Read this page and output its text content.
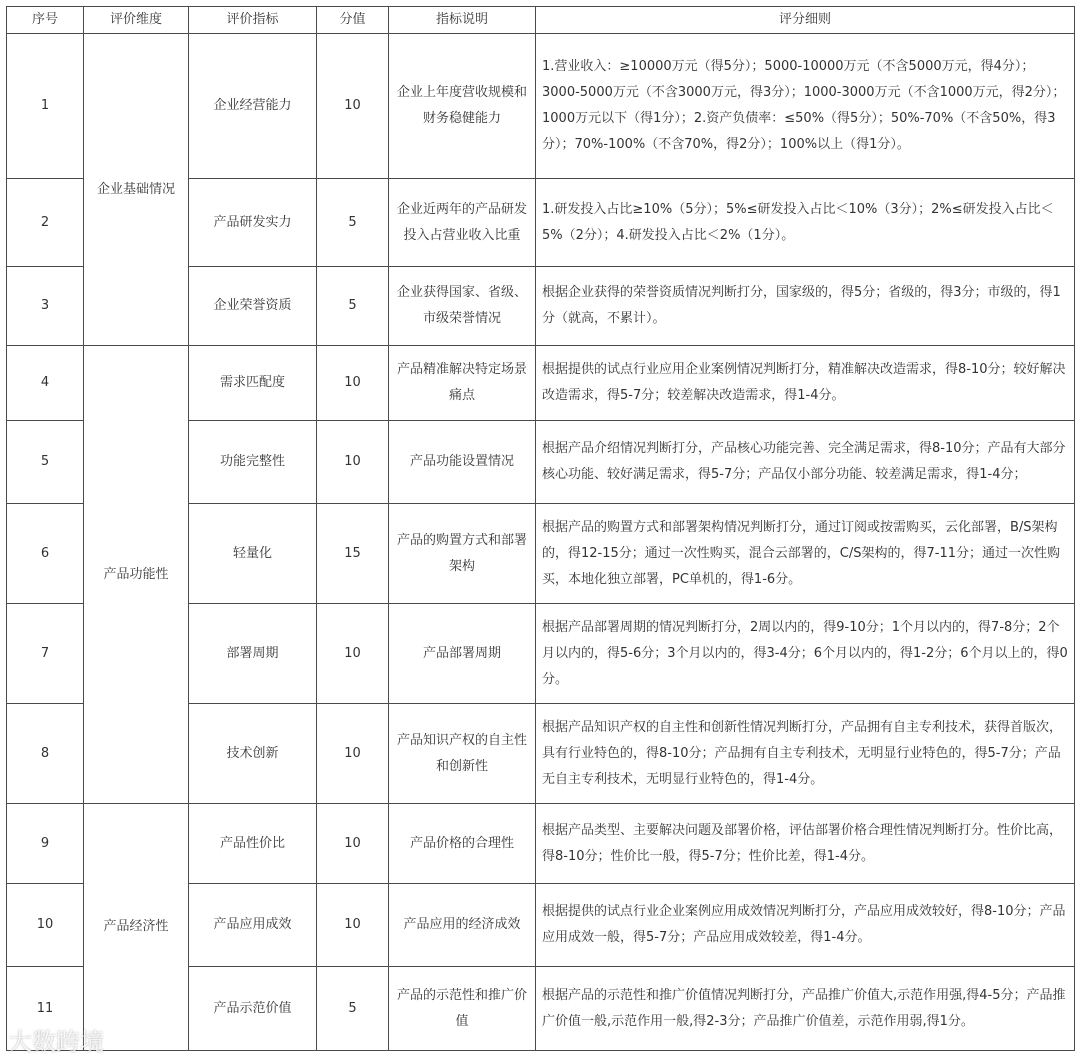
序号	评价维度	评价指标	分值	指标说明	评分细则
1	企业基础情况	企业经营能力	10	企业上年度营收规模和财务稳健能力	1.营业收入：≥10000万元（得5分）；5000-10000万元（不含5000万元，得4分）；3000-5000万元（不含3000万元，得3分）；1000-3000万元（不含1000万元，得2分）；1000万元以下（得1分）；2.资产负债率：≤50%（得5分）；50%-70%（不含50%，得3分）；70%-100%（不含70%，得2分）；100%以上（得1分）。
2		产品研发实力	5	企业近两年的产品研发投入占营业收入比重	1.研发投入占比≥10%（5分）；5%≤研发投入占比＜10%（3分）；2%≤研发投入占比＜5%（2分）；4.研发投入占比＜2%（1分）。
3		企业荣誉资质	5	企业获得国家、省级、市级荣誉情况	根据企业获得的荣誉资质情况判断打分，国家级的，得5分；省级的，得3分；市级的，得1分（就高，不累计）。
4	产品功能性	需求匹配度	10	产品精准解决特定场景痛点	根据提供的试点行业应用企业案例情况判断打分，精准解决改造需求，得8-10分；较好解决改造需求，得5-7分；较差解决改造需求，得1-4分。
5		功能完整性	10	产品功能设置情况	根据产品介绍情况判断打分，产品核心功能完善、完全满足需求，得8-10分；产品有大部分核心功能、较好满足需求，得5-7分；产品仅小部分功能、较差满足需求，得1-4分；
6		轻量化	15	产品的购置方式和部署架构	根据产品的购置方式和部署架构情况判断打分，通过订阅或按需购买，云化部署，B/S架构的，得12-15分；通过一次性购买，混合云部署的，C/S架构的，得7-11分；通过一次性购买，本地化独立部署，PC单机的，得1-6分。
7		部署周期	10	产品部署周期	根据产品部署周期的情况判断打分，2周以内的，得9-10分；1个月以内的，得7-8分；2个月以内的，得5-6分；3个月以内的，得3-4分；6个月以内的，得1-2分；6个月以上的，得0分。
8		技术创新	10	产品知识产权的自主性和创新性	根据产品知识产权的自主性和创新性情况判断打分，产品拥有自主专利技术，获得首版次，具有行业特色的，得8-10分；产品拥有自主专利技术，无明显行业特色的，得5-7分；产品无自主专利技术，无明显行业特色的，得1-4分。
9	产品经济性	产品性价比	10	产品价格的合理性	根据产品类型、主要解决问题及部署价格，评估部署价格合理性情况判断打分。性价比高，得8-10分；性价比一般，得5-7分；性价比差，得1-4分。
10		产品应用成效	10	产品应用的经济成效	根据提供的试点行业企业案例应用成效情况判断打分，产品应用成效较好，得8-10分；产品应用成效一般，得5-7分；产品应用成效较差，得1-4分。
11		产品示范价值	5	产品的示范性和推广价值	根据产品的示范性和推广价值情况判断打分，产品推广价值大,示范作用强,得4-5分；产品推广价值一般,示范作用一般,得2-3分；产品推广价值差，示范作用弱,得1分。
大数跨境
